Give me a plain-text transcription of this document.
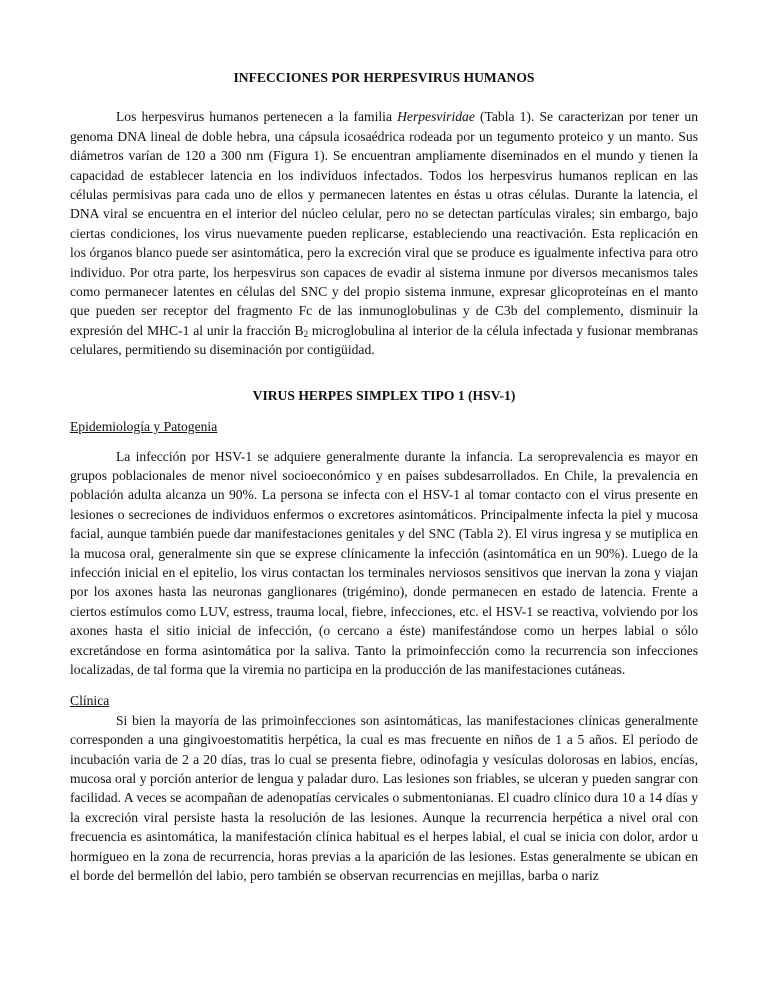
INFECCIONES POR HERPESVIRUS HUMANOS

Los herpesvirus humanos pertenecen a la familia Herpesviridae (Tabla 1). Se caracterizan por tener un genoma DNA lineal de doble hebra, una cápsula icosaédrica rodeada por un tegumento proteico y un manto. Sus diámetros varían de 120 a 300 nm (Figura 1). Se encuentran ampliamente diseminados en el mundo y tienen la capacidad de establecer latencia en los individuos infectados. Todos los herpesvirus humanos replican en las células permisivas para cada uno de ellos y permanecen latentes en éstas u otras células. Durante la latencia, el DNA viral se encuentra en el interior del núcleo celular, pero no se detectan partículas virales; sin embargo, bajo ciertas condiciones, los virus nuevamente pueden replicarse, estableciendo una reactivación. Esta replicación en los órganos blanco puede ser asintomática, pero la excreción viral que se produce es igualmente infectiva para otro individuo. Por otra parte, los herpesvirus son capaces de evadir al sistema inmune por diversos mecanismos tales como permanecer latentes en células del SNC y del propio sistema inmune, expresar glicoproteínas en el manto que pueden ser receptor del fragmento Fc de las inmunoglobulinas y de C3b del complemento, disminuir la expresión del MHC-1 al unir la fracción $B_2$ microglobulina al interior de la célula infectada y fusionar membranas celulares, permitiendo su diseminación por contigüidad.

VIRUS HERPES SIMPLEX TIPO 1 (HSV-1)
Epidemiología y Patogenia

La infección por HSV-1 se adquiere generalmente durante la infancia. La seroprevalencia es mayor en grupos poblacionales de menor nivel socioeconómico y en países subdesarrollados. En Chile, la prevalencia en población adulta alcanza un 90%. La persona se infecta con el HSV-1 al tomar contacto con el virus presente en lesiones o secreciones de individuos enfermos o excretores asintomáticos. Principalmente infecta la piel y mucosa facial, aunque también puede dar manifestaciones genitales y del SNC (Tabla 2). El virus ingresa y se mutiplica en la mucosa oral, generalmente sin que se exprese clínicamente la infección (asintomática en un 90%). Luego de la infección inicial en el epitelio, los virus contactan los terminales nerviosos sensitivos que inervan la zona y viajan por los axones hasta las neuronas ganglionares (trigémino), donde permanecen en estado de latencia. Frente a ciertos estímulos como LUV, estress, trauma local, fiebre, infecciones, etc. el HSV-1 se reactiva, volviendo por los axones hasta el sitio inicial de infección, (o cercano a éste) manifestándose como un herpes labial o sólo excretándose en forma asintomática por la saliva. Tanto la primoinfección como la recurrencia son infecciones localizadas, de tal forma que la viremia no participa en la producción de las manifestaciones cutáneas.

Clínica

Si bien la mayoría de las primoinfecciones son asintomáticas, las manifestaciones clínicas generalmente corresponden a una gingivoestomatitis herpética, la cual es mas frecuente en niños de 1 a 5 años. El período de incubación varia de 2 a 20 días, tras lo cual se presenta fiebre, odinofagia y vesículas dolorosas en labios, encías, mucosa oral y porción anterior de lengua y paladar duro. Las lesiones son friables, se ulceran y pueden sangrar con facilidad. A veces se acompañan de adenopatías cervicales o submentonianas. El cuadro clínico dura 10 a 14 días y la excreción viral persiste hasta la resolución de las lesiones. Aunque la recurrencia herpética a nivel oral con frecuencia es asintomática, la manifestación clínica habitual es el herpes labial, el cual se inicia con dolor, ardor u hormigueo en la zona de recurrencia, horas previas a la aparición de las lesiones. Estas generalmente se ubican en el borde del bermellón del labio, pero también se observan recurrencias en mejillas, barba o nariz
